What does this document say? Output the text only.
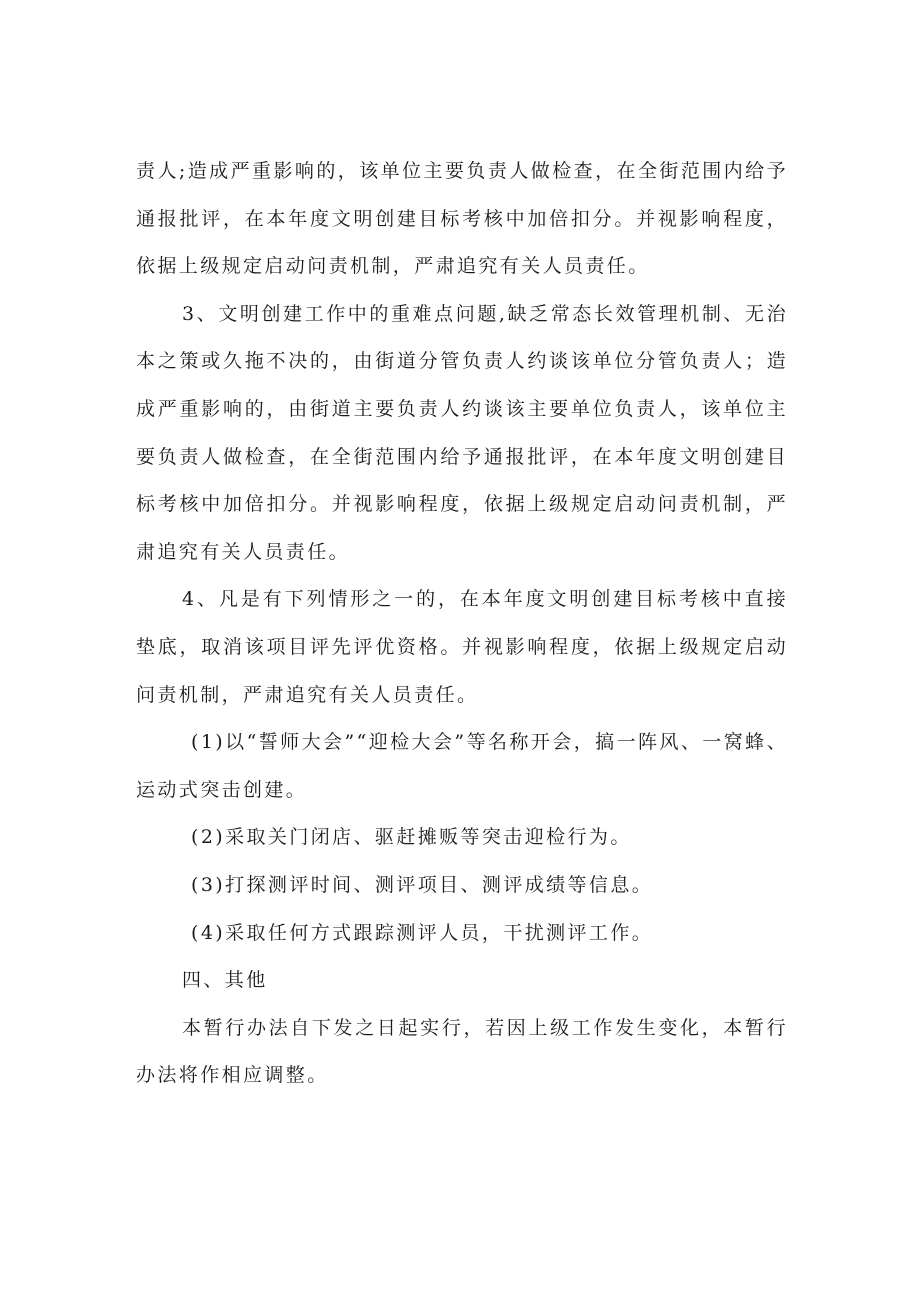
责人;造成严重影响的，该单位主要负责人做检查，在全街范围内给予通报批评，在本年度文明创建目标考核中加倍扣分。并视影响程度，依据上级规定启动问责机制，严肃追究有关人员责任。

3、文明创建工作中的重难点问题,缺乏常态长效管理机制、无治本之策或久拖不决的，由街道分管负责人约谈该单位分管负责人；造成严重影响的，由街道主要负责人约谈该主要单位负责人，该单位主要负责人做检查，在全街范围内给予通报批评，在本年度文明创建目标考核中加倍扣分。并视影响程度，依据上级规定启动问责机制，严肃追究有关人员责任。

4、凡是有下列情形之一的，在本年度文明创建目标考核中直接垫底，取消该项目评先评优资格。并视影响程度，依据上级规定启动问责机制，严肃追究有关人员责任。

(1)以“誓师大会”“迎检大会”等名称开会，搞一阵风、一窝蜂、运动式突击创建。

(2)采取关门闭店、驱赶摊贩等突击迎检行为。

(3)打探测评时间、测评项目、测评成绩等信息。

(4)采取任何方式跟踪测评人员，干扰测评工作。

四、其他

本暂行办法自下发之日起实行，若因上级工作发生变化，本暂行办法将作相应调整。
